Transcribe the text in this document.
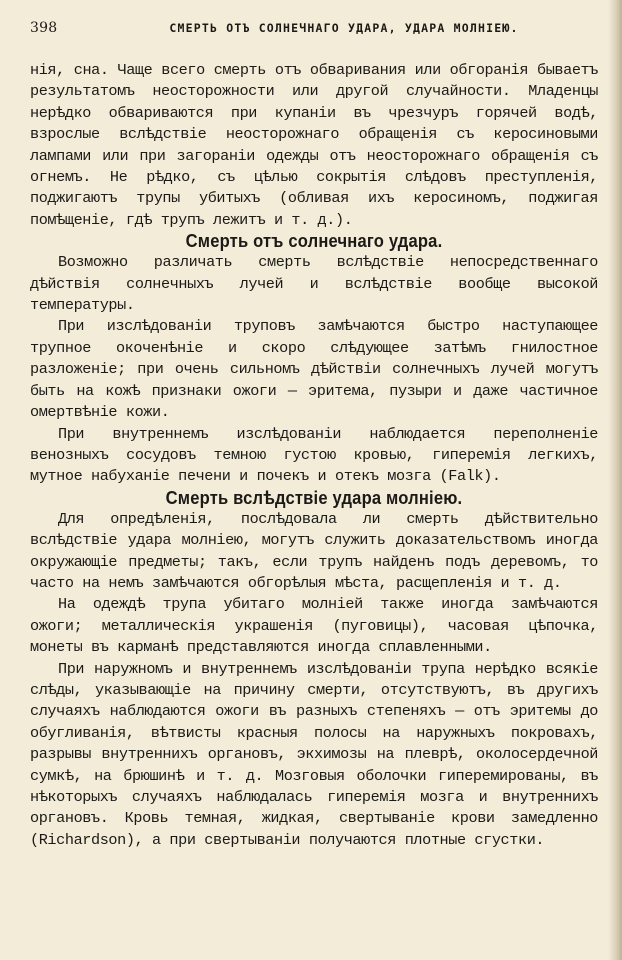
398	СМЕРТЬ ОТЪ СОЛНЕЧНАГО УДАРА, УДАРА МОЛНІЕЮ.

нія, сна. Чаще всего смерть отъ обваривания или обгоранія бываетъ результатомъ неосторожности или другой случайности. Младенцы нерѣдко обвариваются при купаніи въ чрезчуръ горячей водѣ, взрослые вслѣдствіе неосторожнаго обращенія съ керосиновыми лампами или при загораніи одежды отъ неосторожнаго обращенія съ огнемъ. Не рѣдко, съ цѣлью сокрытія слѣдовъ преступленія, поджигаютъ трупы убитыхъ (обливая ихъ керосиномъ, поджигая помѣщеніе, гдѣ трупъ лежитъ и т. д.).

Смерть отъ солнечнаго удара.

Возможно различать смерть вслѣдствіе непосредственнаго дѣйствія солнечныхъ лучей и вслѣдствіе вообще высокой температуры.

При изслѣдованіи труповъ замѣчаются быстро наступающее трупное окоченѣніе и скоро слѣдующее затѣмъ гнилостное разложеніе; при очень сильномъ дѣйствіи солнечныхъ лучей могутъ быть на кожѣ признаки ожоги — эритема, пузыри и даже частичное омертвѣніе кожи.

При внутреннемъ изслѣдованіи наблюдается переполненіе венозныхъ сосудовъ темною густою кровью, гиперемія легкихъ, мутное набуханіе печени и почекъ и отекъ мозга (Falk).

Смерть вслѣдствіе удара молніею.

Для опредѣленія, послѣдовала ли смерть дѣйствительно вслѣдствіе удара молніею, могутъ служить доказательствомъ иногда окружающіе предметы; такъ, если трупъ найденъ подъ деревомъ, то часто на немъ замѣчаются обгорѣлыя мѣста, расщепленія и т. д.

На одеждѣ трупа убитаго молніей также иногда замѣчаются ожоги; металлическія украшенія (пуговицы), часовая цѣпочка, монеты въ карманѣ представляются иногда сплавленными.

При наружномъ и внутреннемъ изслѣдованіи трупа нерѣдко всякіе слѣды, указывающіе на причину смерти, отсутствуютъ, въ другихъ случаяхъ наблюдаются ожоги въ разныхъ степеняхъ — отъ эритемы до обугливанія, вѣтвисты красныя полосы на наружныхъ покровахъ, разрывы внутреннихъ органовъ, экхимозы на плеврѣ, околосердечной сумкѣ, на брюшинѣ и т. д. Мозговыя оболочки гиперемированы, въ нѣкоторыхъ случаяхъ наблюдалась гиперемія мозга и внутреннихъ органовъ. Кровь темная, жидкая, свертываніе крови замедленно (Richardson), а при свертываніи получаются плотные сгустки.
